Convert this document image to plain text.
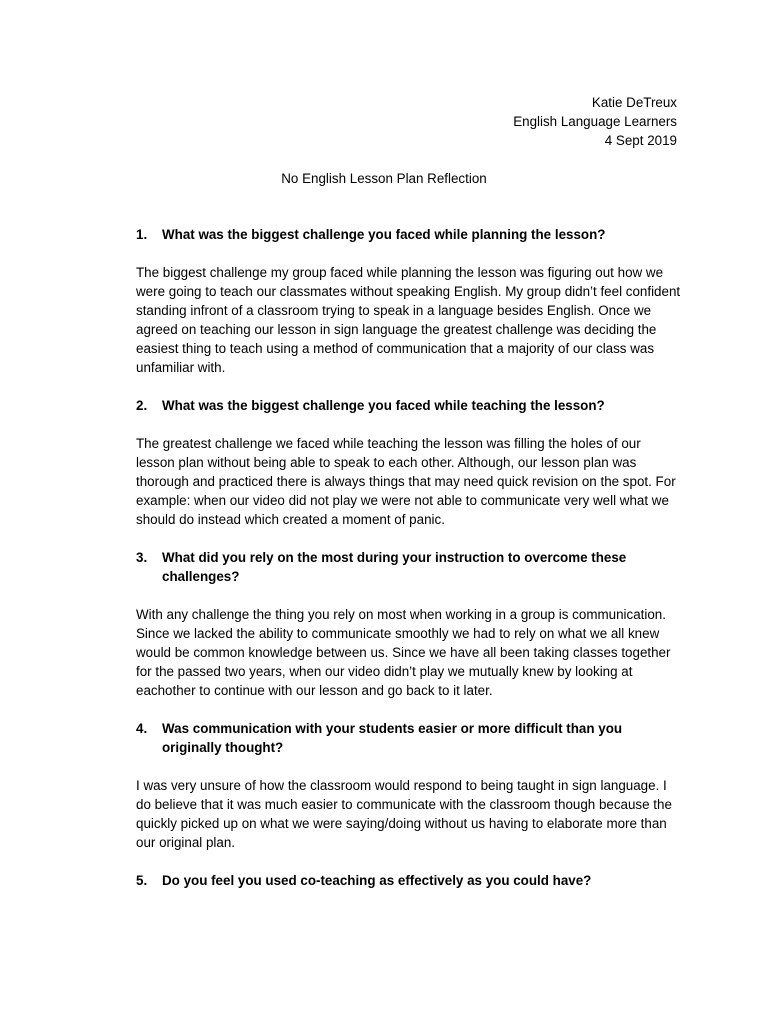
Katie DeTreux
English Language Learners
4 Sept 2019
No English Lesson Plan Reflection
1.	What was the biggest challenge you faced while planning the lesson?

The biggest challenge my group faced while planning the lesson was figuring out how we were going to teach our classmates without speaking English. My group didn’t feel confident standing infront of a classroom trying to speak in a language besides English. Once we agreed on teaching our lesson in sign language the greatest challenge was deciding the easiest thing to teach using a method of communication that a majority of our class was unfamiliar with.

2.	What was the biggest challenge you faced while teaching the lesson?

The greatest challenge we faced while teaching the lesson was filling the holes of our lesson plan without being able to speak to each other. Although, our lesson plan was thorough and practiced there is always things that may need quick revision on the spot. For example: when our video did not play we were not able to communicate very well what we should do instead which created a moment of panic.

3.	What did you rely on the most during your instruction to overcome these challenges?

With any challenge the thing you rely on most when working in a group is communication. Since we lacked the ability to communicate smoothly we had to rely on what we all knew would be common knowledge between us. Since we have all been taking classes together for the passed two years, when our video didn’t play we mutually knew by looking at eachother to continue with our lesson and go back to it later.

4.	Was communication with your students easier or more difficult than you originally thought?

I was very unsure of how the classroom would respond to being taught in sign language. I do believe that it was much easier to communicate with the classroom though because the quickly picked up on what we were saying/doing without us having to elaborate more than our original plan.

5.	Do you feel you used co-teaching as effectively as you could have?
